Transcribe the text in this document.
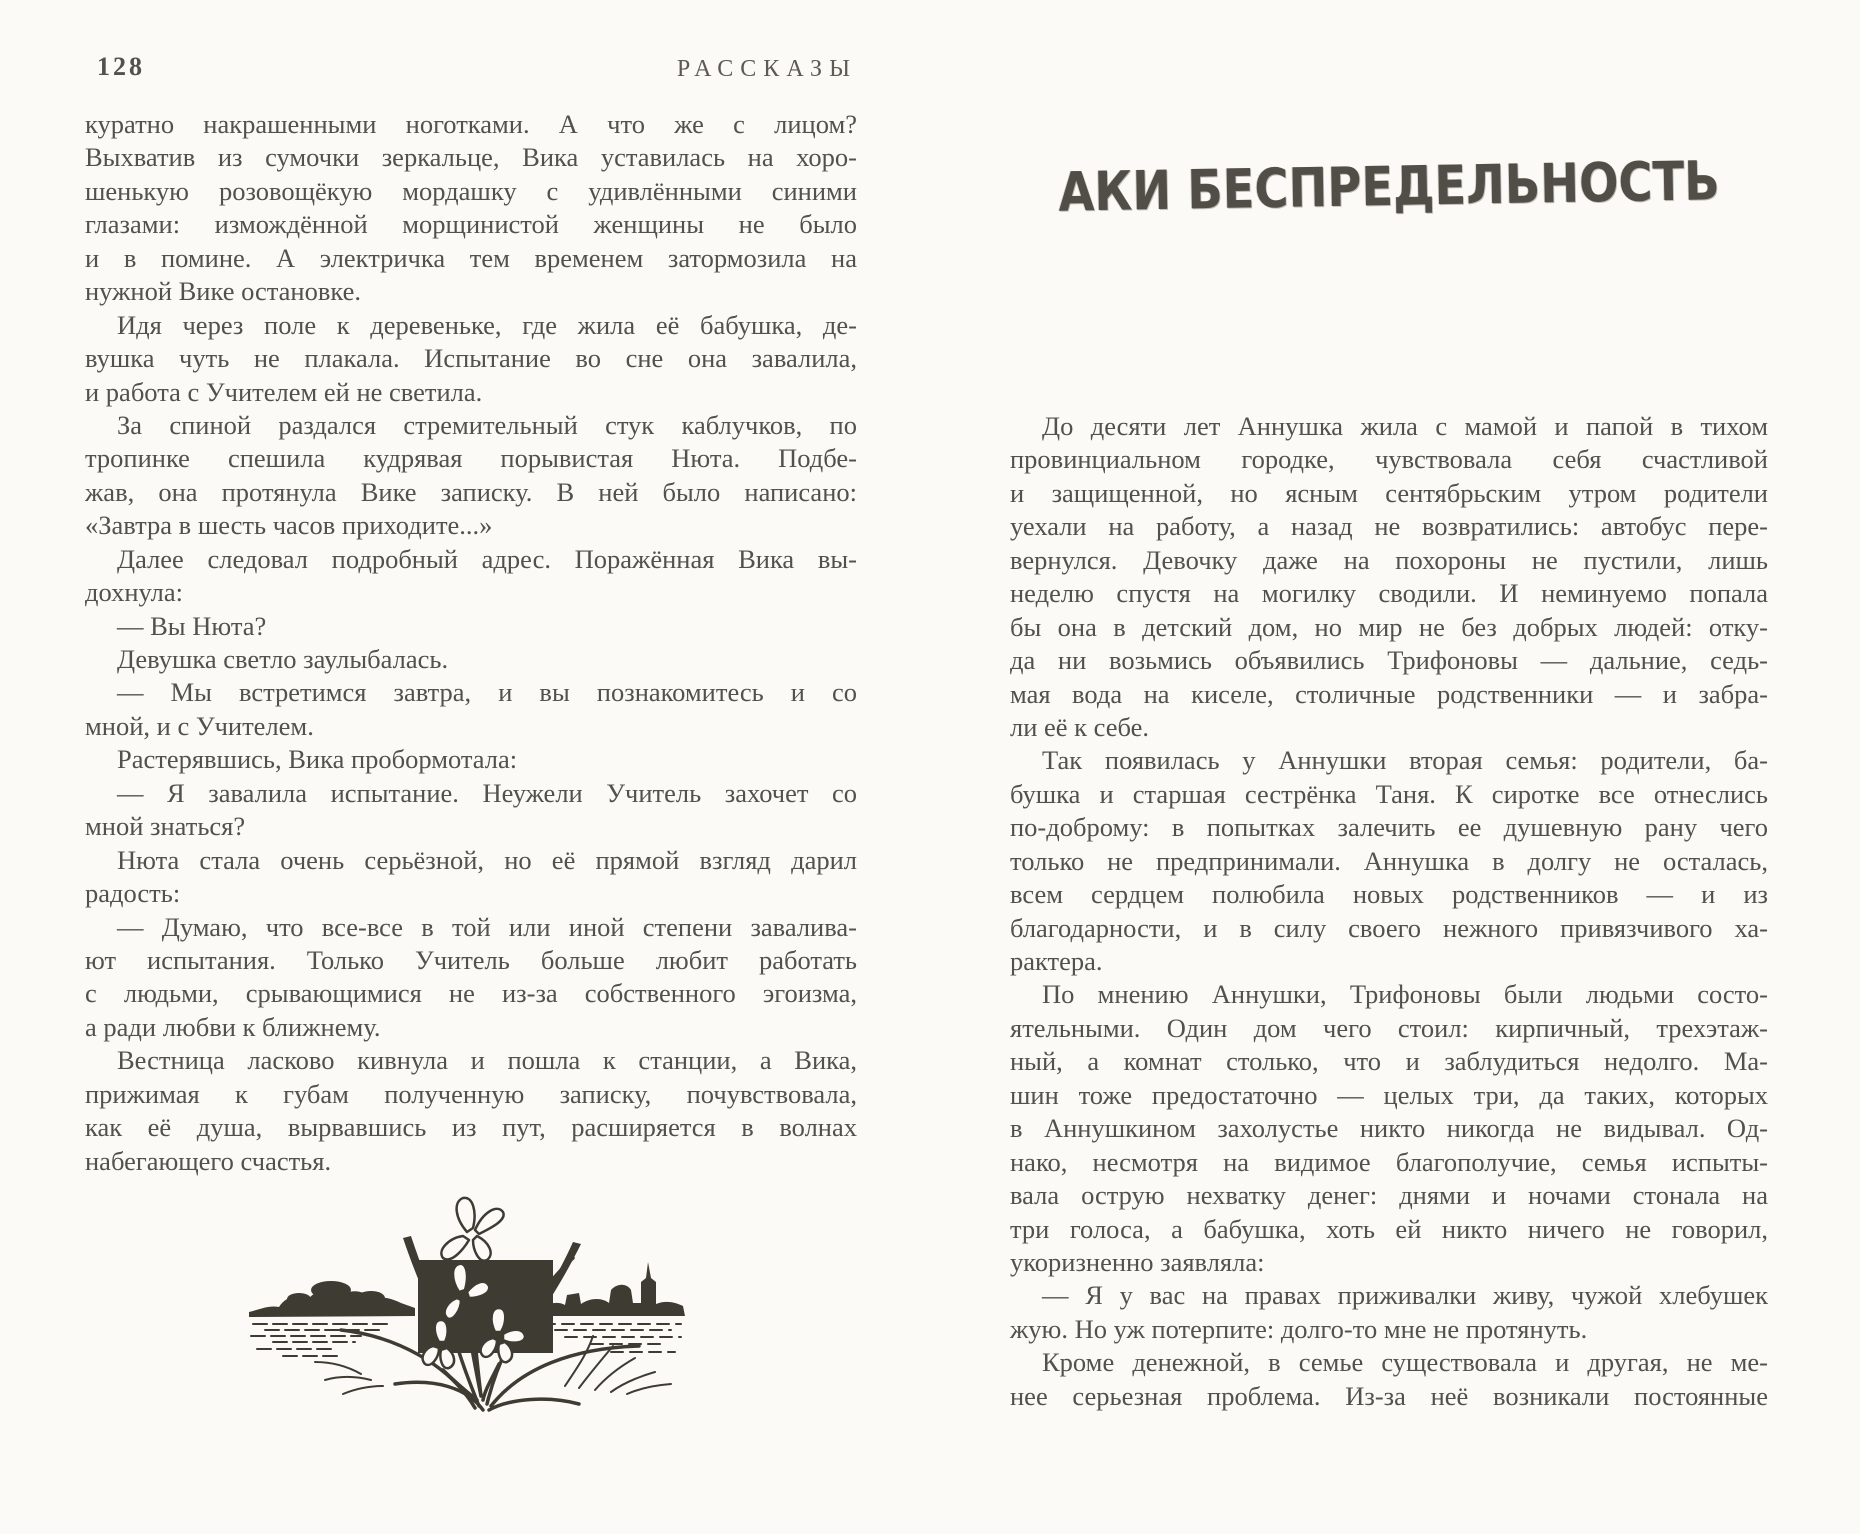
128	РАССКАЗЫ
куратно накрашенными ноготками. А что же с лицом?
Выхватив из сумочки зеркальце, Вика уставилась на хоро-
шенькую розовощёкую мордашку с удивлёнными синими
глазами: измождённой морщинистой женщины не было
и в помине. А электричка тем временем затормозила на
нужной Вике остановке.
Идя через поле к деревеньке, где жила её бабушка, де-
вушка чуть не плакала. Испытание во сне она завалила,
и работа с Учителем ей не светила.
За спиной раздался стремительный стук каблучков, по
тропинке спешила кудрявая порывистая Нюта. Подбе-
жав, она протянула Вике записку. В ней было написано:
«Завтра в шесть часов приходите...»
Далее следовал подробный адрес. Поражённая Вика вы-
дохнула:
— Вы Нюта?
Девушка светло заулыбалась.
— Мы встретимся завтра, и вы познакомитесь и со
мной, и с Учителем.
Растерявшись, Вика пробормотала:
— Я завалила испытание. Неужели Учитель захочет со
мной знаться?
Нюта стала очень серьёзной, но её прямой взгляд дарил
радость:
— Думаю, что все-все в той или иной степени завалива-
ют испытания. Только Учитель больше любит работать
с людьми, срывающимися не из-за собственного эгоизма,
а ради любви к ближнему.
Вестница ласково кивнула и пошла к станции, а Вика,
прижимая к губам полученную записку, почувствовала,
как её душа, вырвавшись из пут, расширяется в волнах
набегающего счастья.
АКИ БЕСПРЕДЕЛЬНОСТЬ
До десяти лет Аннушка жила с мамой и папой в тихом
провинциальном городке, чувствовала себя счастливой
и защищенной, но ясным сентябрьским утром родители
уехали на работу, а назад не возвратились: автобус пере-
вернулся. Девочку даже на похороны не пустили, лишь
неделю спустя на могилку сводили. И неминуемо попала
бы она в детский дом, но мир не без добрых людей: отку-
да ни возьмись объявились Трифоновы — дальние, седь-
мая вода на киселе, столичные родственники — и забра-
ли её к себе.
Так появилась у Аннушки вторая семья: родители, ба-
бушка и старшая сестрёнка Таня. К сиротке все отнеслись
по-доброму: в попытках залечить ее душевную рану чего
только не предпринимали. Аннушка в долгу не осталась,
всем сердцем полюбила новых родственников — и из
благодарности, и в силу своего нежного привязчивого ха-
рактера.
По мнению Аннушки, Трифоновы были людьми состо-
ятельными. Один дом чего стоил: кирпичный, трехэтаж-
ный, а комнат столько, что и заблудиться недолго. Ма-
шин тоже предостаточно — целых три, да таких, которых
в Аннушкином захолустье никто никогда не видывал. Од-
нако, несмотря на видимое благополучие, семья испыты-
вала острую нехватку денег: днями и ночами стонала на
три голоса, а бабушка, хоть ей никто ничего не говорил,
укоризненно заявляла:
— Я у вас на правах приживалки живу, чужой хлебушек
жую. Но уж потерпите: долго-то мне не протянуть.
Кроме денежной, в семье существовала и другая, не ме-
нее серьезная проблема. Из-за неё возникали постоянные
